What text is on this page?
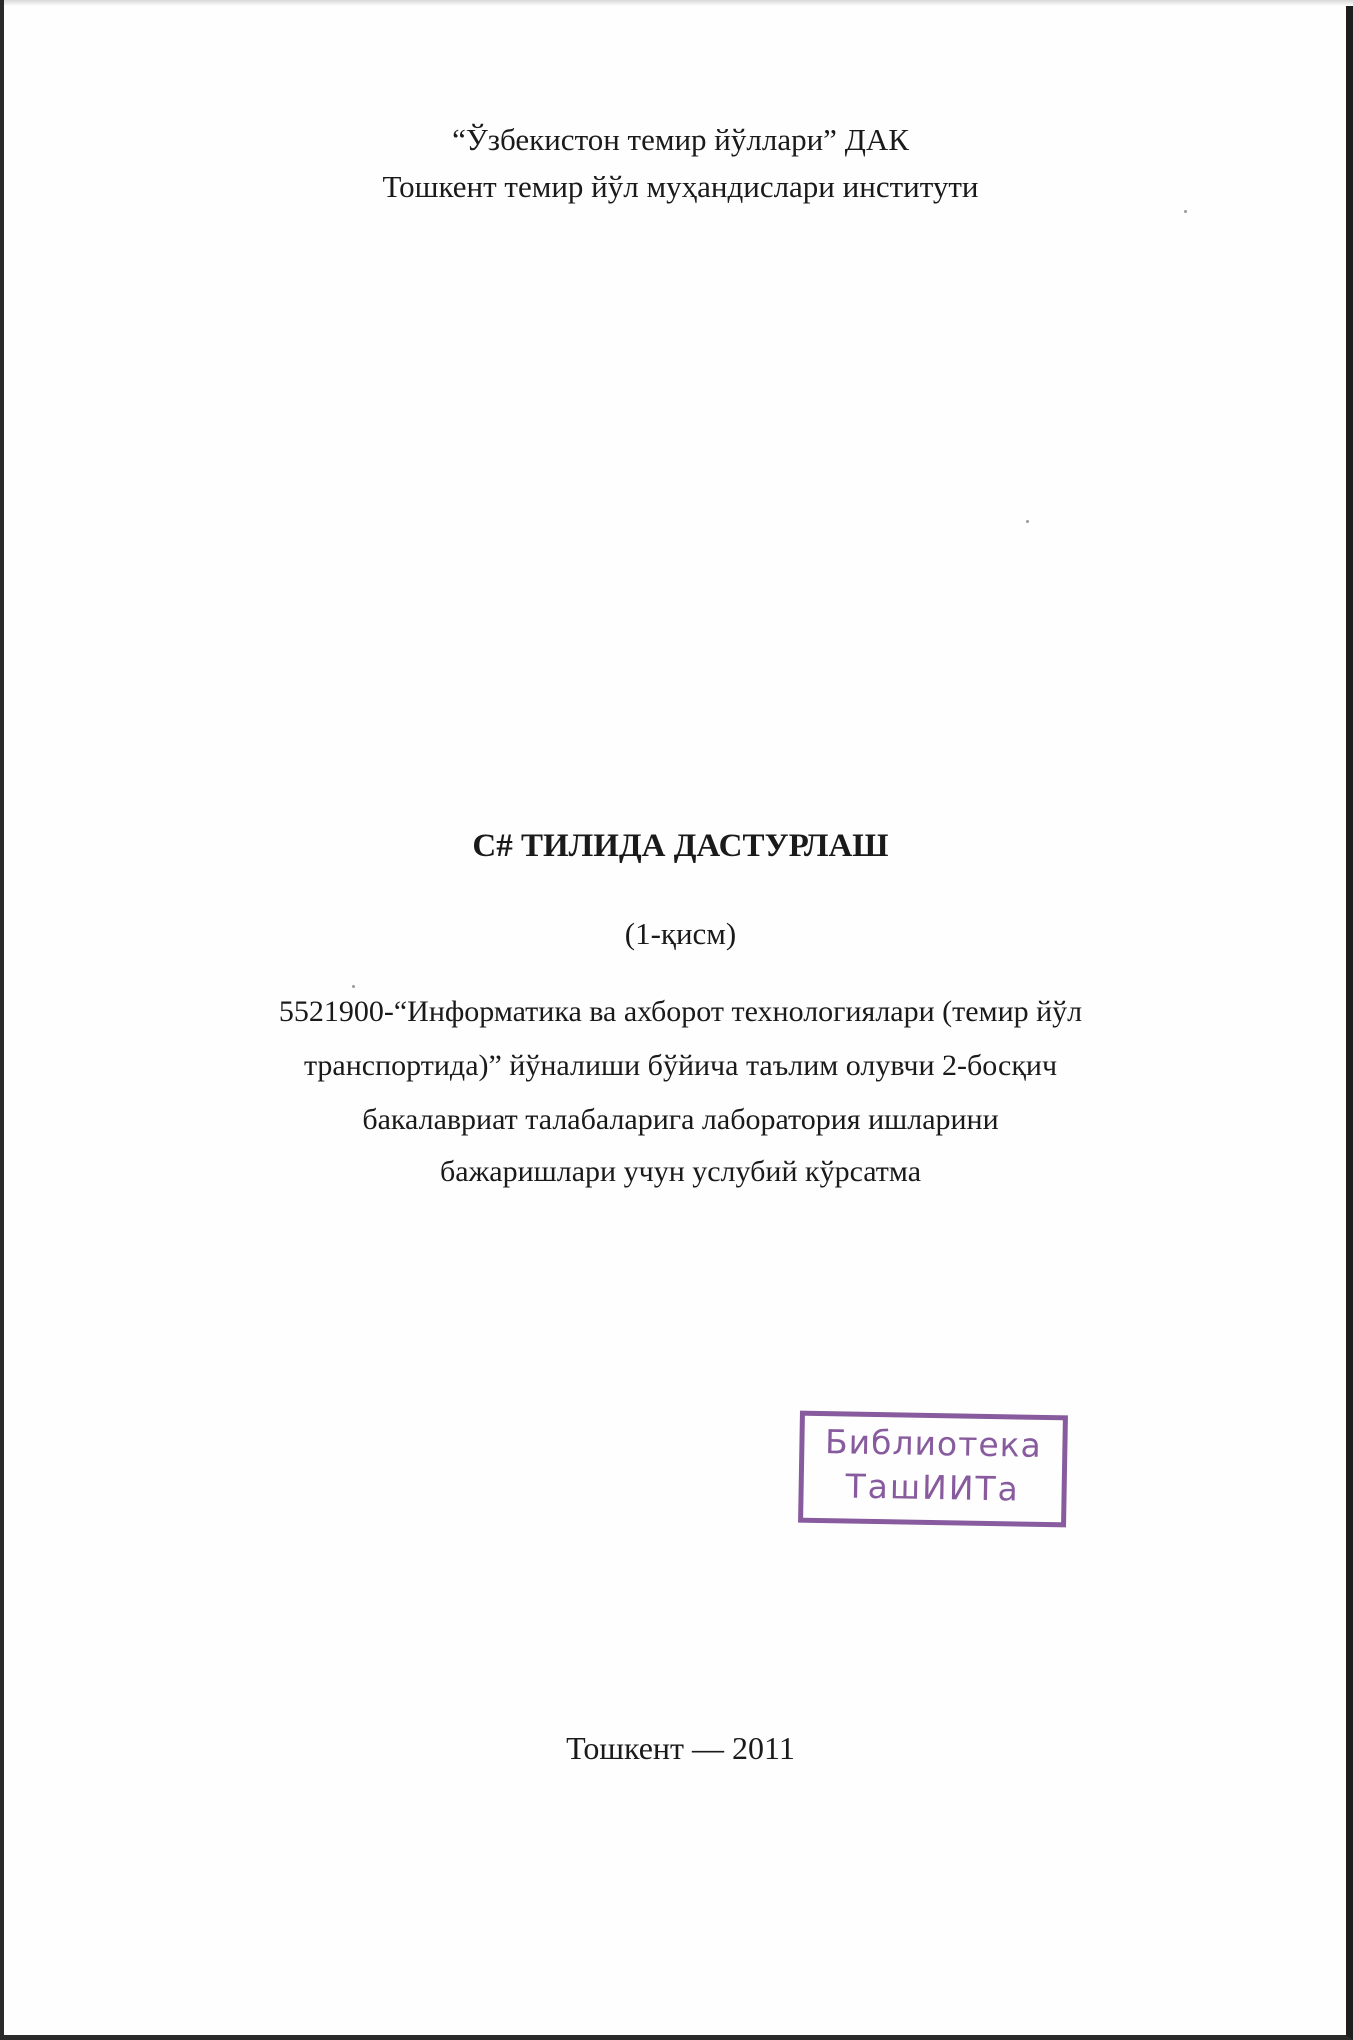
“Ўзбекистон темир йўллари” ДАК
Тошкент темир йўл муҳандислари институти
C# ТИЛИДА ДАСТУРЛАШ
(1-қисм)
5521900-“Информатика ва ахборот технологиялари (темир йўл
транспортида)” йўналиши бўйича таълим олувчи 2-босқич
бакалавриат талабаларига лаборатория ишларини
бажаришлари учун услубий кўрсатма
Библиотека
ТашИИТа
Тошкент — 2011
